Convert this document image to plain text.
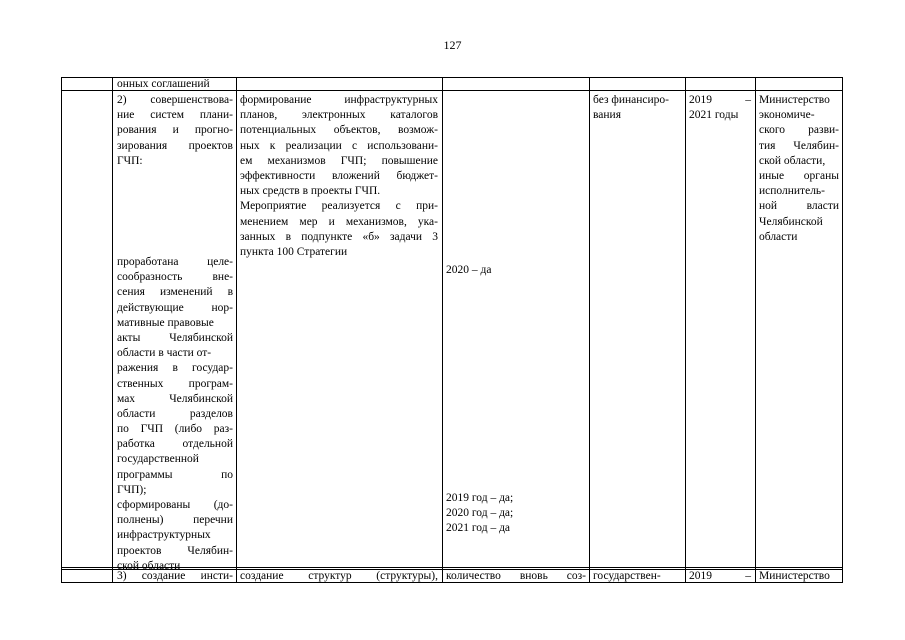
127
онных соглашений
2) совершенствова-
ние систем плани-
рования и прогно-
зирования проектов
ГЧП:
формирование инфраструктурных
планов, электронных каталогов
потенциальных объектов, возмож-
ных к реализации с использовани-
ем механизмов ГЧП; повышение
эффективности вложений бюджет-
ных средств в проекты ГЧП.
Мероприятие реализуется с при-
менением мер и механизмов, ука-
занных в подпункте «б» задачи 3
пункта 100 Стратегии
без финансиро-
вания
2019 –
2021 годы
Министерство
экономиче-
ского разви-
тия Челябин-
ской области,
иные органы
исполнитель-
ной власти
Челябинской
области
проработана целе-
сообразность вне-
сения изменений в
действующие нор-
мативные правовые
акты Челябинской
области в части от-
ражения в государ-
ственных програм-
мах Челябинской
области разделов
по ГЧП (либо раз-
работка отдельной
государственной
программы по
ГЧП);
сформированы (до-
полнены) перечни
инфраструктурных
проектов Челябин-
ской области
2020 – да
2019 год – да;
2020 год – да;
2021 год – да
3) создание инсти- создание структур (структуры), количество вновь соз- государствен-	2019 – Министерство
